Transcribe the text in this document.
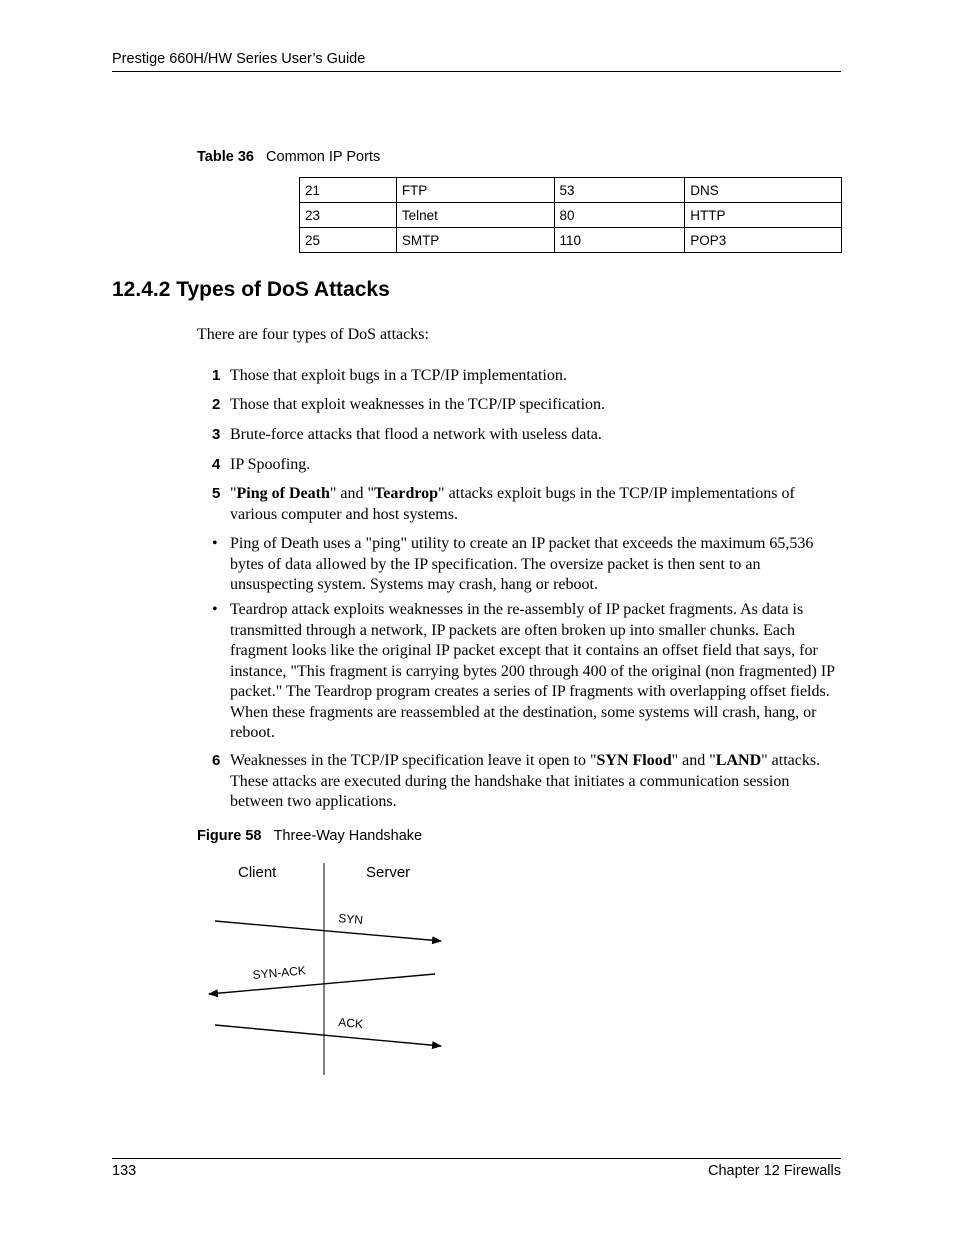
Prestige 660H/HW Series User’s Guide
Table 36 Common IP Ports
21	FTP	53	DNS
23	Telnet	80	HTTP
25	SMTP	110	POP3
12.4.2 Types of DoS Attacks
There are four types of DoS attacks:
1 Those that exploit bugs in a TCP/IP implementation.
2 Those that exploit weaknesses in the TCP/IP specification.
3 Brute-force attacks that flood a network with useless data.
4 IP Spoofing.
5 "Ping of Death" and "Teardrop" attacks exploit bugs in the TCP/IP implementations of various computer and host systems.
• Ping of Death uses a "ping" utility to create an IP packet that exceeds the maximum 65,536 bytes of data allowed by the IP specification. The oversize packet is then sent to an unsuspecting system. Systems may crash, hang or reboot.
• Teardrop attack exploits weaknesses in the re-assembly of IP packet fragments. As data is transmitted through a network, IP packets are often broken up into smaller chunks. Each fragment looks like the original IP packet except that it contains an offset field that says, for instance, "This fragment is carrying bytes 200 through 400 of the original (non fragmented) IP packet." The Teardrop program creates a series of IP fragments with overlapping offset fields. When these fragments are reassembled at the destination, some systems will crash, hang, or reboot.
6 Weaknesses in the TCP/IP specification leave it open to "SYN Flood" and "LAND" attacks. These attacks are executed during the handshake that initiates a communication session between two applications.
Figure 58 Three-Way Handshake
Client	Server
SYN
SYN-ACK
ACK
133	Chapter 12 Firewalls
